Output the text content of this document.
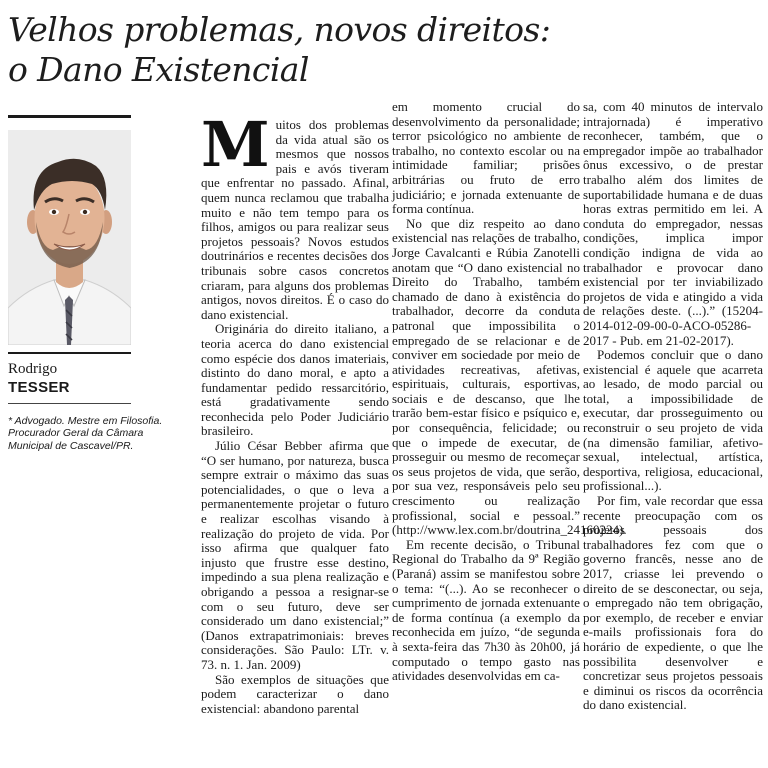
Velhos problemas, novos direitos:
o Dano Existencial
Rodrigo
TESSER

* Advogado. Mestre em Filosofia. Procurador Geral da Câmara Municipal de Cascavel/PR.

Muitos dos problemas da vida atual são os mesmos que nossos pais e avós tiveram que enfrentar no passado. Afinal, quem nunca reclamou que trabalha muito e não tem tempo para os filhos, amigos ou para realizar seus projetos pessoais? Novos estudos doutrinários e recentes decisões dos tribunais sobre casos concretos criaram, para alguns dos problemas antigos, novos direitos. É o caso do dano existencial.

Originária do direito italiano, a teoria acerca do dano existencial como espécie dos danos imateriais, distinto do dano moral, e apto a fundamentar pedido ressarcitório, está gradativamente sendo reconhecida pelo Poder Judiciário brasileiro.

Júlio César Bebber afirma que “O ser humano, por natureza, busca sempre extrair o máximo das suas potencialidades, o que o leva a permanentemente projetar o futuro e realizar escolhas visando à realização do projeto de vida. Por isso afirma que qualquer fato injusto que frustre esse destino, impedindo a sua plena realização e obrigando a pessoa a resignar-se com o seu futuro, deve ser considerado um dano existencial;” (Danos extrapatrimoniais: breves considerações. São Paulo: LTr. v. 73. n. 1. Jan. 2009)

São exemplos de situações que podem caracterizar o dano existencial: abandono parental

em momento crucial do desenvolvimento da personalidade; terror psicológico no ambiente de trabalho, no contexto escolar ou na intimidade familiar; prisões arbitrárias ou fruto de erro judiciário; e jornada extenuante de forma contínua.

No que diz respeito ao dano existencial nas relações de trabalho, Jorge Cavalcanti e Rúbia Zanotelli anotam que “O dano existencial no Direito do Trabalho, também chamado de dano à existência do trabalhador, decorre da conduta patronal que impossibilita o empregado de se relacionar e de conviver em sociedade por meio de atividades recreativas, afetivas, espirituais, culturais, esportivas, sociais e de descanso, que lhe trarão bem-estar físico e psíquico e, por consequência, felicidade; ou que o impede de executar, de prosseguir ou mesmo de recomeçar os seus projetos de vida, que serão, por sua vez, responsáveis pelo seu crescimento ou realização profissional, social e pessoal.” (http://www.lex.com.br/doutrina_24160224).

Em recente decisão, o Tribunal Regional do Trabalho da 9ª Região (Paraná) assim se manifestou sobre o tema: “(...). Ao se reconhecer o cumprimento de jornada extenuante de forma contínua (a exemplo da reconhecida em juízo, “de segunda à sexta-feira das 7h30 às 20h00, já computado o tempo gasto nas atividades desenvolvidas em ca-

sa, com 40 minutos de intervalo intrajornada) é imperativo reconhecer, também, que o empregador impõe ao trabalhador ônus excessivo, o de prestar trabalho além dos limites de suportabilidade humana e de duas horas extras permitido em lei. A conduta do empregador, nessas condições, implica impor condição indigna de vida ao trabalhador e provocar dano existencial por ter inviabilizado projetos de vida e atingido a vida de relações deste. (...).” (15204-2014-012-09-00-0-ACO-05286-2017 - Pub. em 21-02-2017).

Podemos concluir que o dano existencial é aquele que acarreta ao lesado, de modo parcial ou total, a impossibilidade de executar, dar prosseguimento ou reconstruir o seu projeto de vida (na dimensão familiar, afetivo-sexual, intelectual, artística, desportiva, religiosa, educacional, profissional...).

Por fim, vale recordar que essa recente preocupação com os projetos pessoais dos trabalhadores fez com que o governo francês, nesse ano de 2017, criasse lei prevendo o direito de se desconectar, ou seja, o empregado não tem obrigação, por exemplo, de receber e enviar e-mails profissionais fora do horário de expediente, o que lhe possibilita desenvolver e concretizar seus projetos pessoais e diminui os riscos da ocorrência do dano existencial.
